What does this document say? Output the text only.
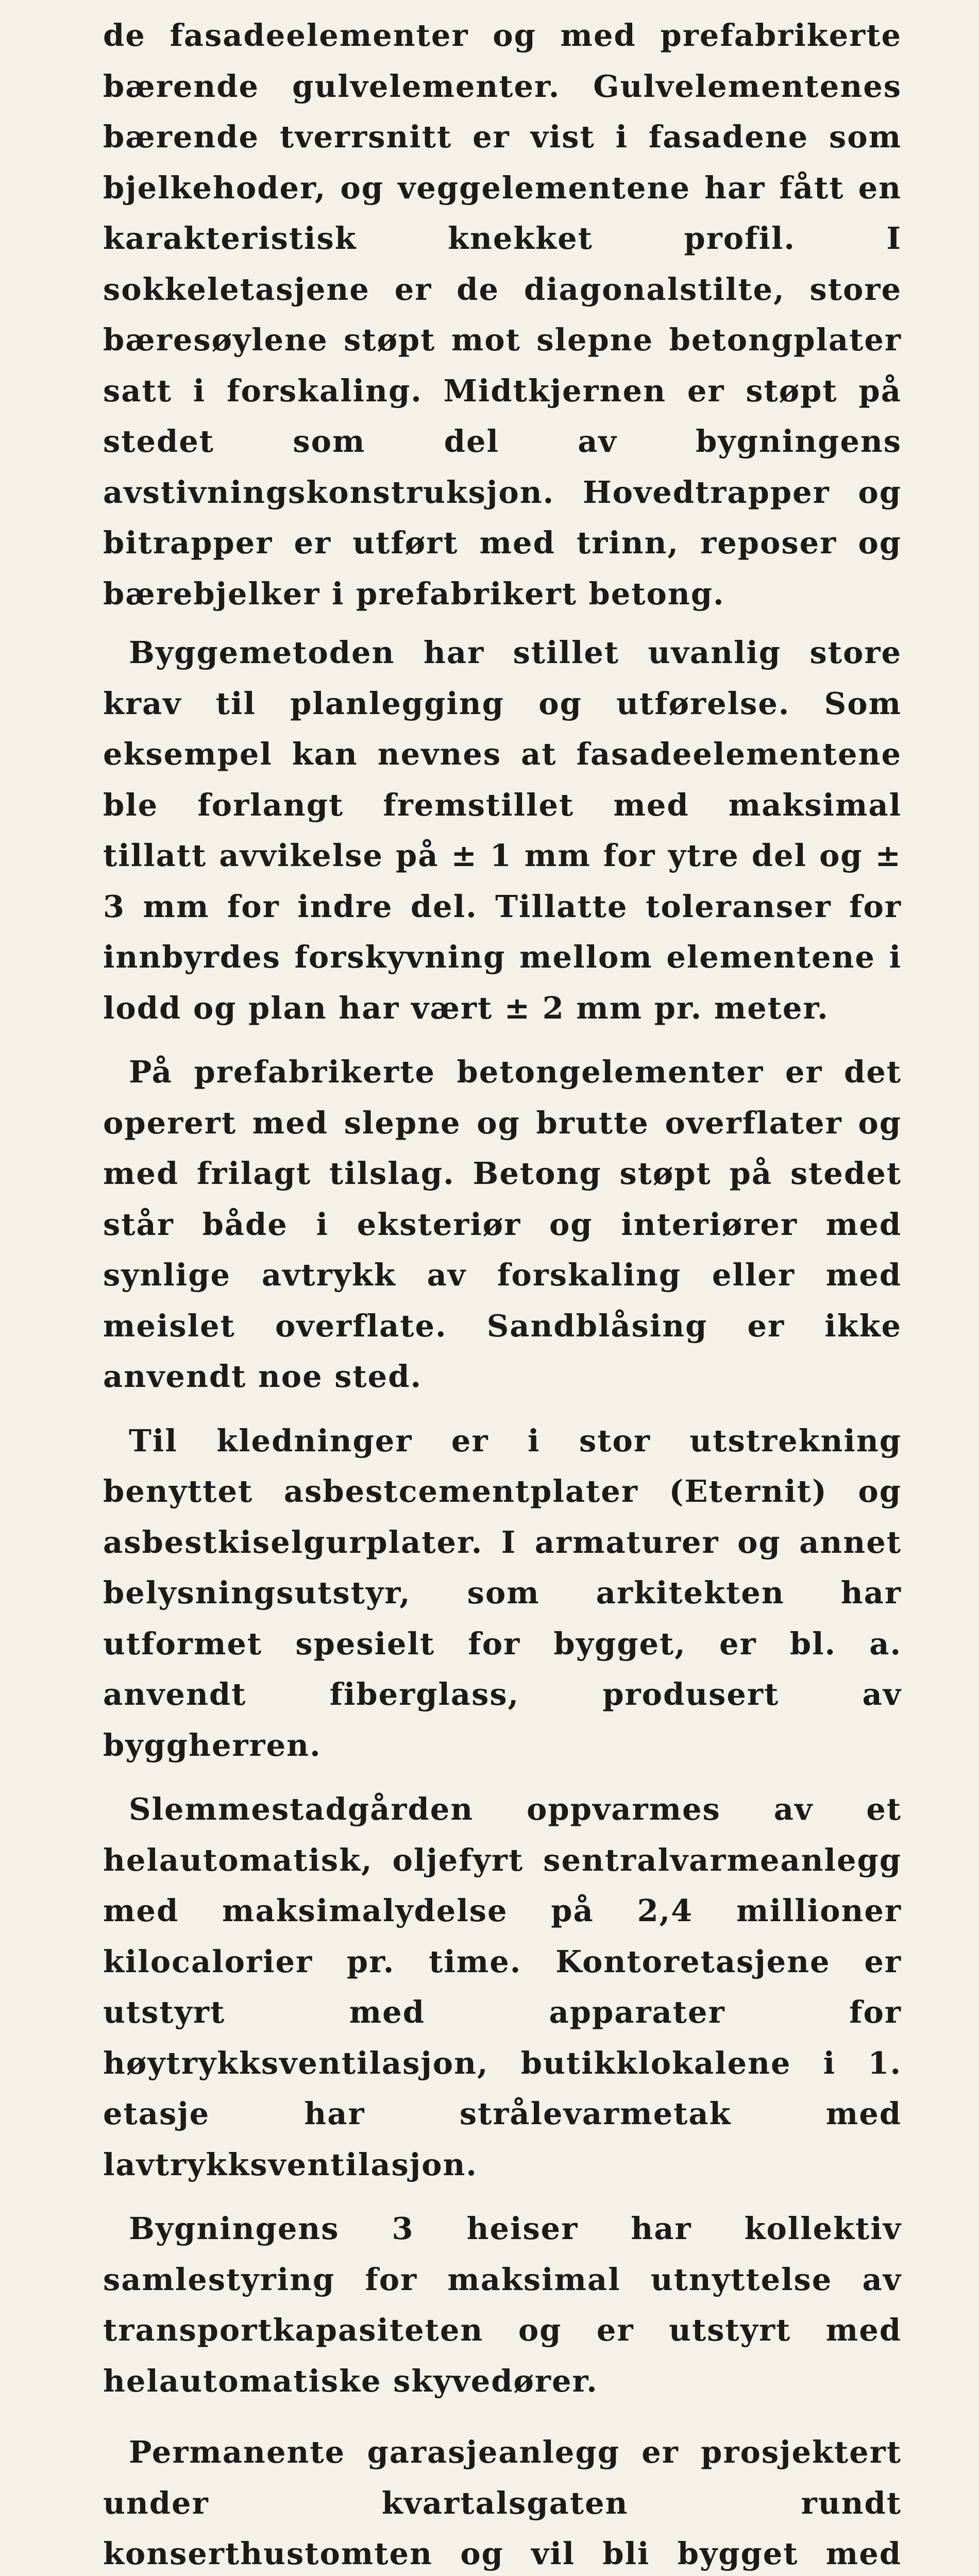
de fasadeelementer og med prefabrikerte bærende gulvelementer. Gulvelementenes bærende tverrsnitt er vist i fasadene som bjelkehoder, og veggelementene har fått en karakteristisk knekket profil. I sokkeletasjene er de diagonalstilte, store bæresøylene støpt mot slepne betongplater satt i forskaling. Midtkjernen er støpt på stedet som del av bygningens avstivningskonstruksjon. Hovedtrapper og bitrapper er utført med trinn, reposer og bærebjelker i prefabrikert betong.

Byggemetoden har stillet uvanlig store krav til planlegging og utførelse. Som eksempel kan nevnes at fasadeelementene ble forlangt fremstillet med maksimal tillatt avvikelse på ± 1 mm for ytre del og ± 3 mm for indre del. Tillatte toleranser for innbyrdes forskyvning mellom elementene i lodd og plan har vært ± 2 mm pr. meter.

På prefabrikerte betongelementer er det operert med slepne og brutte overflater og med frilagt tilslag. Betong støpt på stedet står både i eksteriør og interiører med synlige avtrykk av forskaling eller med meislet overflate. Sandblåsing er ikke anvendt noe sted.

Til kledninger er i stor utstrekning benyttet asbestcementplater (Eternit) og asbestkiselgurplater. I armaturer og annet belysningsutstyr, som arkitekten har utformet spesielt for bygget, er bl. a. anvendt fiberglass, produsert av byggherren.

Slemmestadgården oppvarmes av et helautomatisk, oljefyrt sentralvarmeanlegg med maksimalydelse på 2,4 millioner kilocalorier pr. time. Kontoretasjene er utstyrt med apparater for høytrykksventilasjon, butikklokalene i 1. etasje har strålevarmetak med lavtrykksventilasjon.

Bygningens 3 heiser har kollektiv samlestyring for maksimal utnyttelse av transportkapasiteten og er utstyrt med helautomatiske skyvedører.

Permanente garasjeanlegg er prosjektert under kvartalsgaten rundt konserthustomten og vil bli bygget med
